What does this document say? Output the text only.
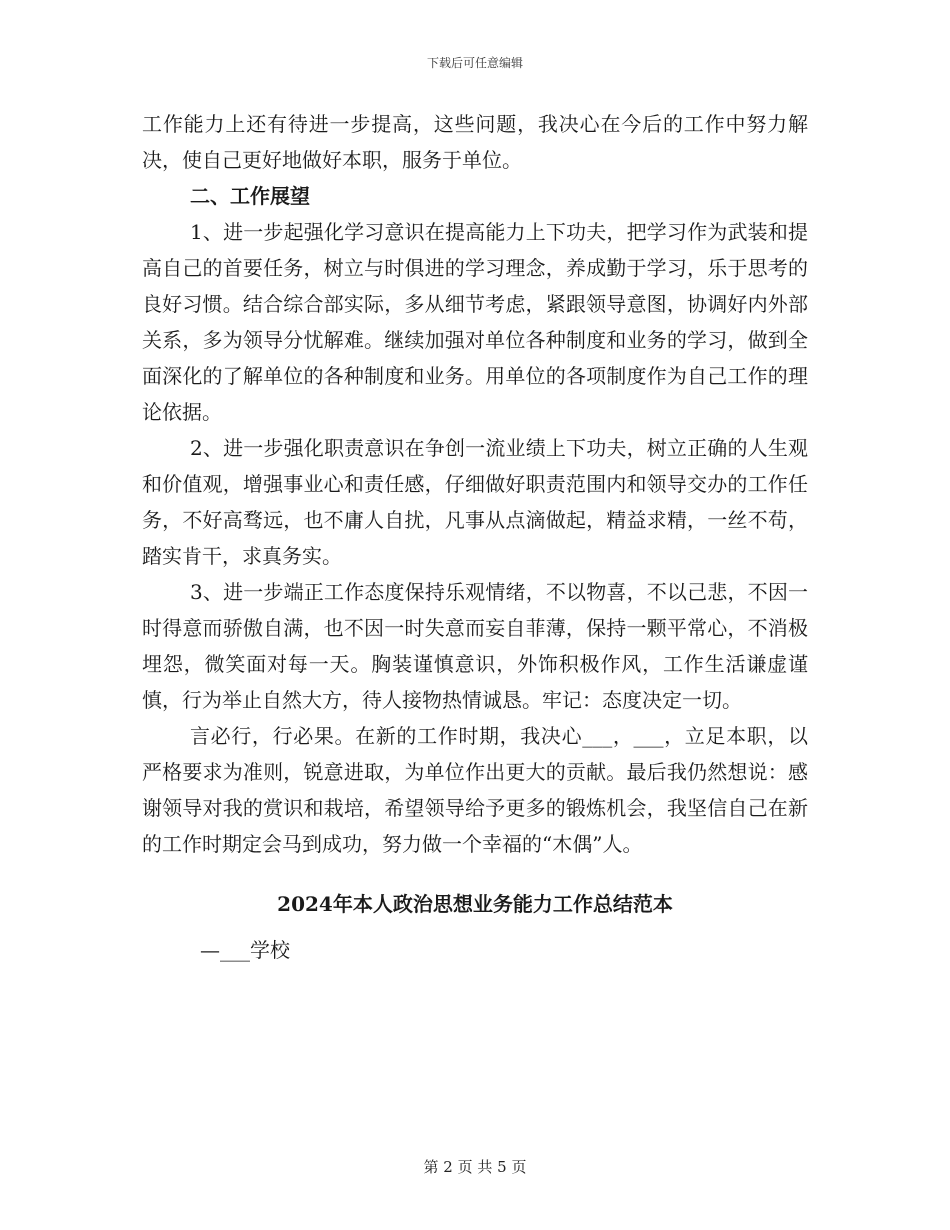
下载后可任意编辑

工作能力上还有待进一步提高，这些问题，我决心在今后的工作中努力解决，使自己更好地做好本职，服务于单位。

二、工作展望

1、进一步起强化学习意识在提高能力上下功夫，把学习作为武装和提高自己的首要任务，树立与时俱进的学习理念，养成勤于学习，乐于思考的良好习惯。结合综合部实际，多从细节考虑，紧跟领导意图，协调好内外部关系，多为领导分忧解难。继续加强对单位各种制度和业务的学习，做到全面深化的了解单位的各种制度和业务。用单位的各项制度作为自己工作的理论依据。

2、进一步强化职责意识在争创一流业绩上下功夫，树立正确的人生观和价值观，增强事业心和责任感，仔细做好职责范围内和领导交办的工作任务，不好高骛远，也不庸人自扰，凡事从点滴做起，精益求精，一丝不苟，踏实肯干，求真务实。

3、进一步端正工作态度保持乐观情绪，不以物喜，不以己悲，不因一时得意而骄傲自满，也不因一时失意而妄自菲薄，保持一颗平常心，不消极埋怨，微笑面对每一天。胸装谨慎意识，外饰积极作风，工作生活谦虚谨慎，行为举止自然大方，待人接物热情诚恳。牢记：态度决定一切。

言必行，行必果。在新的工作时期，我决心___，___，立足本职，以严格要求为准则，锐意进取，为单位作出更大的贡献。最后我仍然想说：感谢领导对我的赏识和栽培，希望领导给予更多的锻炼机会，我坚信自己在新的工作时期定会马到成功，努力做一个幸福的“木偶”人。

2024年本人政治思想业务能力工作总结范本

—___学校

第 2 页 共 5 页
